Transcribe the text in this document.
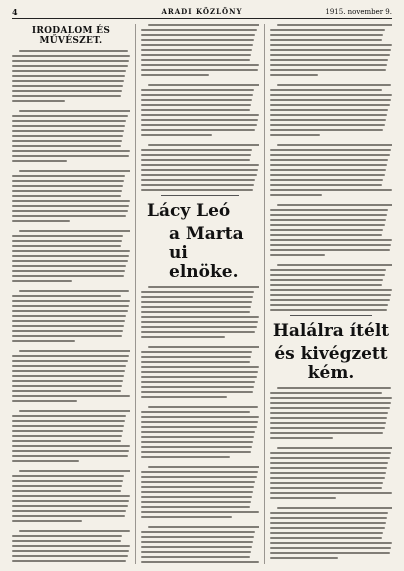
4	ARADI KÖZLÖNY	1915. november 9.
IRODALOM ÉS MŰVÉSZET.
Lácy Leó
a Marta ui elnöke.
Halálra ítélt
és kivégzett kém.
